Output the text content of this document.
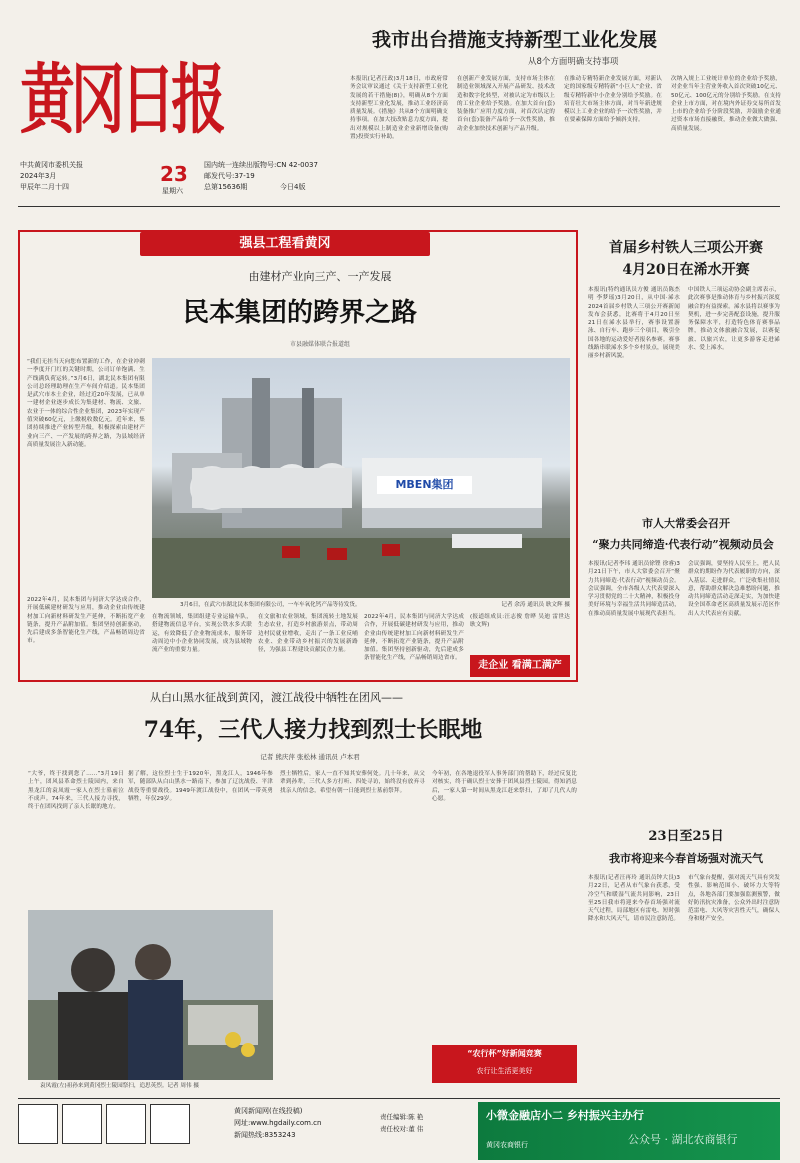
黄冈日报
中共黄冈市委机关报
2024年3月
甲辰年二月十四
23
星期六
国内统一连续出版物号:CN 42-0037
邮发代号:37-19
总第15636期	今日4版
我市出台措施支持新型工业化发展
从8个方面明确支持事项
本报讯(记者汪政)3月18日，市政府常务会议审议通过《关于支持新型工业化发展的若干措施(8)》，明确从8个方面支持新型工业化发展，推动工业经济高质量发展。《措施》共从8个方面明确支持事项。在加大技改贴息力度方面，提出对规模以上制造业企业新增设备(购置)投资实行补助。
在创新产业发展方面，支持市场主体在制造业领域深入开展产品研发、技术改造和数字化转型，对被认定为市级以上的工业企业给予奖励。在加大首台(套)装备推广应用力度方面，对首次认定的首台(套)装备产品给予一次性奖励，推动企业加快技术创新与产品升级。
在推动专精特新企业发展方面，对新认定的国家级专精特新“小巨人”企业、省级专精特新中小企业分别给予奖励。在培育壮大市场主体方面，对当年新进规模以上工业企业的给予一次性奖励，并在要素保障方面给予倾斜支持。
次纳入规上工业统计单位的企业给予奖励，对企业当年主营业务收入首次突破10亿元、50亿元、100亿元的分别给予奖励。在支持企业上市方面，对在境内外证券交易所首发上市的企业给予分阶段奖励，并鼓励企业通过资本市场直接融资，推动企业做大做强、高质量发展。
强县工程看黄冈
由建材产业向三产、一产发展
民本集团的跨界之路
市县融媒体联合报道组
“我们无挂当天向您布置新的工作，在企业冲刺一季度开门红的关键时期，公司订单饱满、生产线满负荷运转。”3月6日，湖北民本集团有限公司总经理助理在生产车间介绍道。民本集团是武穴市本土企业，经过近20年发展，已从单一建材企业逐步成长为集建材、物流、文旅、农业于一体的综合性企业集团，2023年实现产值突破60亿元，上缴税收数亿元。近年来，集团持续推进产业转型升级，积极探索由建材产业向三产、一产发展的跨界之路，为县域经济高质量发展注入新动能。
MBEN集团
3月6日，在武穴市湖北民本集团有限公司，一车车氧化钙产品等待发货。	记者 余涛 通讯员 耿文辉 摄
2022年4月，民本集团与同济大学达成合作，开展低碳建材研发与应用，推动企业由传统建材加工向新材料研发生产延伸，不断拓宽产业链条，提升产品附加值。集团坚持创新驱动，先后建成多条智能化生产线，产品畅销周边省市。
在物流领域，集团组建专业运输车队，搭建物流信息平台，实现公铁水多式联运，有效降低了企业物流成本，服务带动周边中小企业协同发展，成为县域物流产业的重要力量。
在文旅和农业领域，集团流转土地发展生态农业，打造乡村旅游景点，带动周边村民就业增收，走出了一条工业反哺农业、企业带动乡村振兴的发展新路径，为强县工程建设贡献民企力量。
2022年4月，民本集团与同济大学达成合作，开展低碳建材研发与应用，推动企业由传统建材加工向新材料研发生产延伸，不断拓宽产业链条，提升产品附加值。集团坚持创新驱动，先后建成多条智能化生产线，产品畅销周边省市。
(报道组成员:汪志俊 詹晔 吴迪 雷世达 耿文辉)
走企业 看满工满产
首届乡村铁人三项公开赛
4月20日在浠水开赛
本报讯(特约通讯员方俊 通讯员陈杰明 李梦瑶)3月20日，从中国·浠水2024首届乡村铁人三项公开赛新闻发布会获悉，比赛将于4月20日至21日在浠水县举行，赛事设置游泳、自行车、跑步三个项目，吸引全国各地的运动爱好者报名参赛。赛事线路串联浠水多个乡村景点，展现美丽乡村新风貌。
中国铁人三项运动协会副主席表示，此次赛事是推动体育与乡村振兴深度融合的有益探索。浠水县将以赛事为契机，进一步完善配套设施，提升服务保障水平，打造特色体育赛事品牌，推动文体旅融合发展，以赛促旅、以旅兴农，让更多游客走进浠水、爱上浠水。
市人大常委会召开
“聚力共同缔造·代表行动”视频动员会
本报讯(记者李玮 通讯员徐铿 徐睿)3月21日下午，市人大常委会召开“聚力共同缔造·代表行动”视频动员会。会议强调，全市各级人大代表要深入学习贯彻党的二十大精神，积极投身美好环境与幸福生活共同缔造活动，在推动高质量发展中展现代表担当。
会议强调，要坚持人民至上，把人民群众的期盼作为代表履职的方向，深入基层、走进群众，广泛收集社情民意，帮助群众解决急难愁盼问题，推动共同缔造活动走深走实，为加快建设全国革命老区高质量发展示范区作出人大代表应有贡献。
23日至25日
我市将迎来今春首场强对流天气
本报讯(记者汪再玲 通讯员钟大艮)3月22日，记者从市气象台获悉，受冷空气和暖湿气流共同影响，23日至25日我市将迎来今春首场强对流天气过程，局部地区有雷电、短时强降水和大风天气，请市民注意防范。
市气象台提醒，强对流天气具有突发性强、影响范围小、破坏力大等特点，各地各部门要加强监测预警，做好防汛抗灾准备，公众外出时注意防范雷电、大风等灾害性天气，确保人身和财产安全。
从白山黑水征战到黄冈，渡江战役中牺牲在团风——
74年，三代人接力找到烈士长眠地
记者 熊庆萍 张松林 通讯员 卢本君
“大爷，终于找到您了……”3月19日上午，团风县革命烈士陵园内，来自黑龙江的袁凤霞一家人在烈士墓前泣不成声。74年来，三代人接力寻找，终于在团风找到了亲人长眠的地方。
袁凤霞(左)祖孙来到黄冈烈士陵园祭扫，追思英烈。记者 周伟 摄
据了解，这位烈士生于1920年，黑龙江人，1946年参军，随部队从白山黑水一路南下，参加了辽沈战役、平津战役等重要战役。1949年渡江战役中，在团风一带英勇牺牲，年仅29岁。
烈士牺牲后，家人一直不知其安葬何处。几十年来，从父辈到孙辈，三代人多方打听、四处寻访，始终没有放弃寻找亲人的信念，希望有朝一日能到烈士墓前祭拜。
今年初，在各地退役军人事务部门的帮助下，经过反复比对核实，终于确认烈士安葬于团风县烈士陵园。得知消息后，一家人第一时间从黑龙江赶来祭扫，了却了几代人的心愿。
“农行杯”好新闻竞赛
农行让生活更美好
黄冈新闻网(在线投稿)
网址:www.hgdaily.com.cn
新闻热线:8353243
责任编辑:陈 艳
责任校对:董 伟
小微金融店小二 乡村振兴主办行
黄冈农商银行	公众号 · 湖北农商银行
